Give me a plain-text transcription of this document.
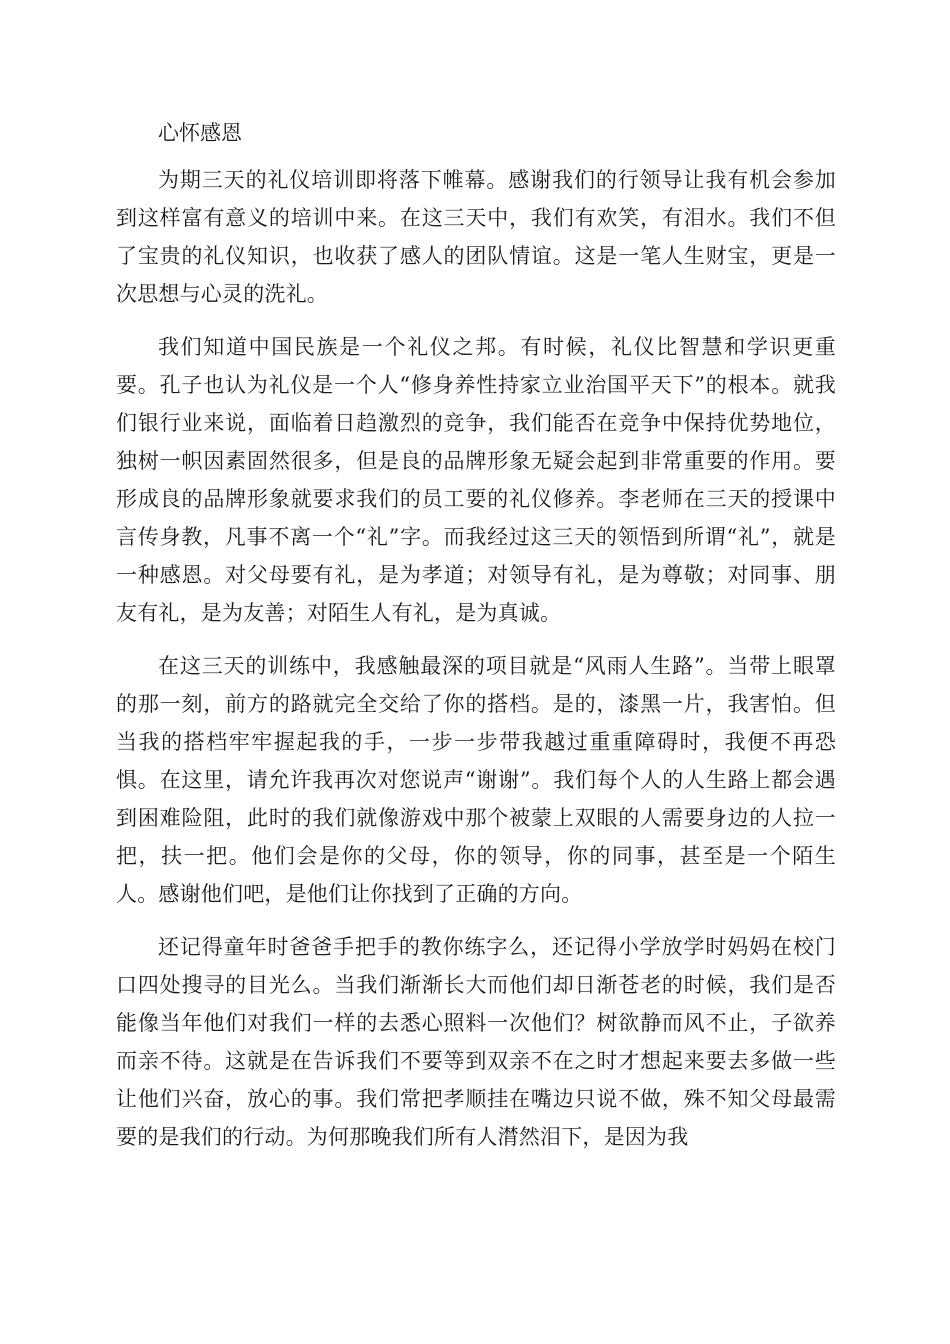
心怀感恩

为期三天的礼仪培训即将落下帷幕。感谢我们的行领导让我有机会参加到这样富有意义的培训中来。在这三天中，我们有欢笑，有泪水。我们不但了宝贵的礼仪知识，也收获了感人的团队情谊。这是一笔人生财宝，更是一次思想与心灵的洗礼。

我们知道中国民族是一个礼仪之邦。有时候，礼仪比智慧和学识更重要。孔子也认为礼仪是一个人“修身养性持家立业治国平天下”的根本。就我们银行业来说，面临着日趋激烈的竞争，我们能否在竞争中保持优势地位，独树一帜因素固然很多，但是良的品牌形象无疑会起到非常重要的作用。要形成良的品牌形象就要求我们的员工要的礼仪修养。李老师在三天的授课中言传身教，凡事不离一个“礼”字。而我经过这三天的领悟到所谓“礼”，就是一种感恩。对父母要有礼，是为孝道；对领导有礼，是为尊敬；对同事、朋友有礼，是为友善；对陌生人有礼，是为真诚。

在这三天的训练中，我感触最深的项目就是“风雨人生路”。当带上眼罩的那一刻，前方的路就完全交给了你的搭档。是的，漆黑一片，我害怕。但当我的搭档牢牢握起我的手，一步一步带我越过重重障碍时，我便不再恐惧。在这里，请允许我再次对您说声“谢谢”。我们每个人的人生路上都会遇到困难险阻，此时的我们就像游戏中那个被蒙上双眼的人需要身边的人拉一把，扶一把。他们会是你的父母，你的领导，你的同事，甚至是一个陌生人。感谢他们吧，是他们让你找到了正确的方向。

还记得童年时爸爸手把手的教你练字么，还记得小学放学时妈妈在校门口四处搜寻的目光么。当我们渐渐长大而他们却日渐苍老的时候，我们是否能像当年他们对我们一样的去悉心照料一次他们？树欲静而风不止，子欲养而亲不待。这就是在告诉我们不要等到双亲不在之时才想起来要去多做一些让他们兴奋，放心的事。我们常把孝顺挂在嘴边只说不做，殊不知父母最需要的是我们的行动。为何那晚我们所有人潸然泪下，是因为我
